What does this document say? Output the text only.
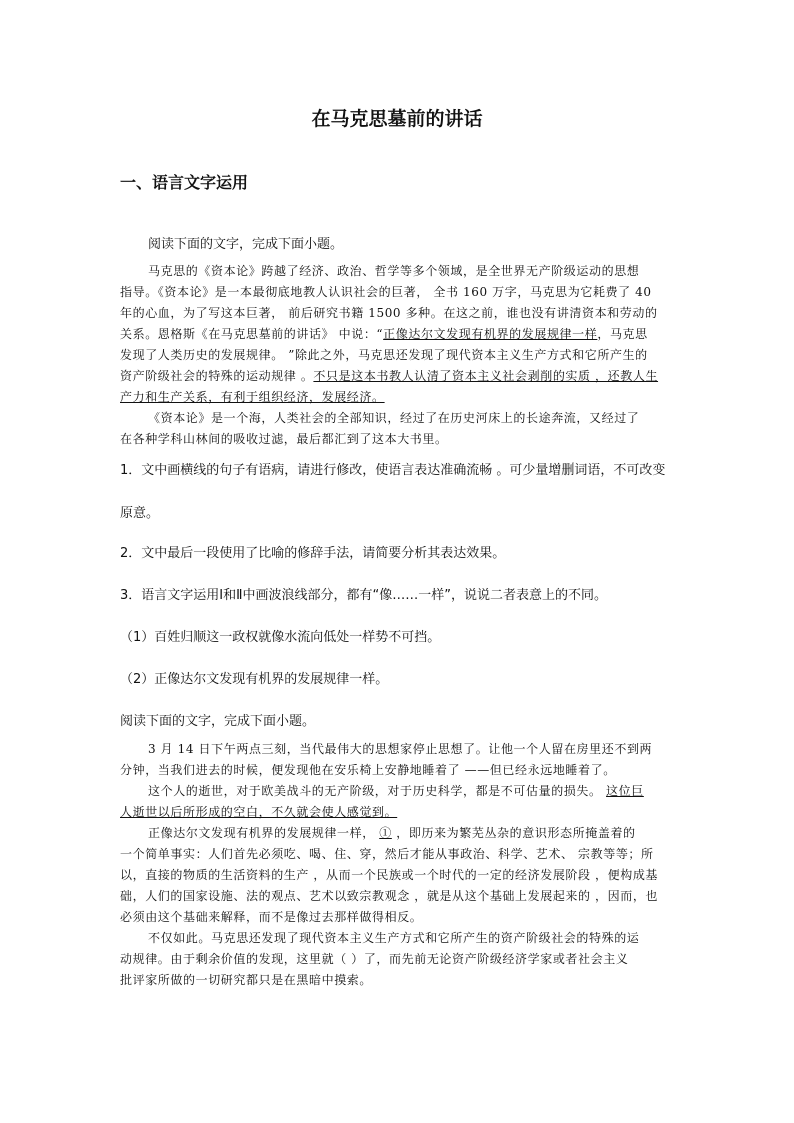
在马克思墓前的讲话
一、语言文字运用
阅读下面的文字，完成下面小题。
马克思的《资本论》跨越了经济、政治、哲学等多个领域，是全世界无产阶级运动的思想
指导。《资本论》是一本最彻底地教人认识社会的巨著， 全书 160 万字，马克思为它耗费了 40
年的心血，为了写这本巨著， 前后研究书籍 1500 多种。在这之前，谁也没有讲清资本和劳动的
关系。恩格斯《在马克思墓前的讲话》 中说：“正像达尔文发现有机界的发展规律一样，马克思
发现了人类历史的发展规律。 ”除此之外，马克思还发现了现代资本主义生产方式和它所产生的
资产阶级社会的特殊的运动规律 。不只是这本书教人认清了资本主义社会剥削的实质 ，还教人生
产力和生产关系，有利于组织经济，发展经济。
《资本论》是一个海，人类社会的全部知识，经过了在历史河床上的长途奔流，又经过了
在各种学科山林间的吸收过滤，最后都汇到了这本大书里。
1．文中画横线的句子有语病，请进行修改，使语言表达准确流畅 。可少量增删词语，不可改变
原意。
2．文中最后一段使用了比喻的修辞手法，请简要分析其表达效果。
3．语言文字运用Ⅰ和Ⅱ中画波浪线部分，都有“像……一样”，说说二者表意上的不同。
（1）百姓归顺这一政权就像水流向低处一样势不可挡。
（2）正像达尔文发现有机界的发展规律一样。
阅读下面的文字，完成下面小题。
3 月 14 日下午两点三刻，当代最伟大的思想家停止思想了。让他一个人留在房里还不到两
分钟，当我们进去的时候，便发现他在安乐椅上安静地睡着了 ——但已经永远地睡着了。
这个人的逝世，对于欧美战斗的无产阶级，对于历史科学，都是不可估量的损失。 这位巨
人逝世以后所形成的空白，不久就会使人感觉到。
正像达尔文发现有机界的发展规律一样， ① ，即历来为繁芜丛杂的意识形态所掩盖着的
一个简单事实：人们首先必须吃、喝、住、穿，然后才能从事政治、科学、艺术、 宗教等等；所
以，直接的物质的生活资料的生产 ，从而一个民族或一个时代的一定的经济发展阶段 ，便构成基
础，人们的国家设施、法的观点、艺术以致宗教观念 ，就是从这个基础上发展起来的 ，因而，也
必须由这个基础来解释，而不是像过去那样做得相反。
不仅如此。马克思还发现了现代资本主义生产方式和它所产生的资产阶级社会的特殊的运
动规律。由于剩余价值的发现，这里就（ ）了，而先前无论资产阶级经济学家或者社会主义
批评家所做的一切研究都只是在黑暗中摸索。
